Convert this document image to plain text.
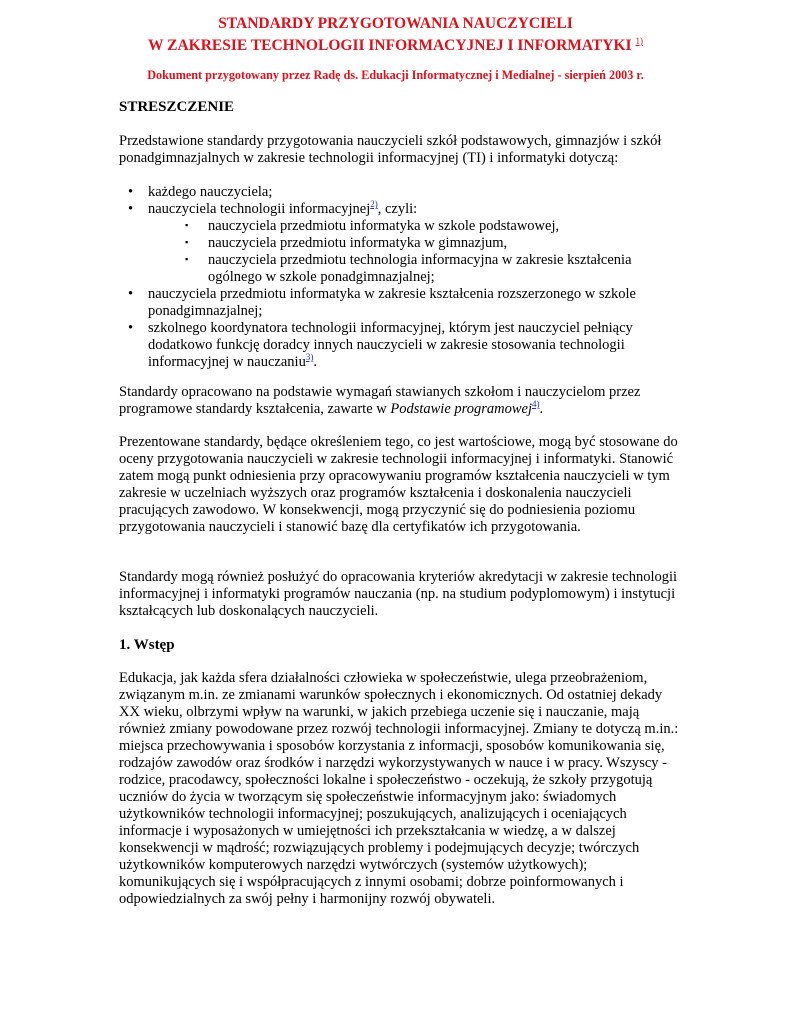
STANDARDY PRZYGOTOWANIA NAUCZYCIELI
W ZAKRESIE TECHNOLOGII INFORMACYJNEJ I INFORMATYKI $^{1)}$
Dokument przygotowany przez Radę ds. Edukacji Informatycznej i Medialnej - sierpień 2003 r.
STRESZCZENIE
Przedstawione standardy przygotowania nauczycieli szkół podstawowych, gimnazjów i szkół ponadgimnazjalnych w zakresie technologii informacyjnej (TI) i informatyki dotyczą:
• każdego nauczyciela;
• nauczyciela technologii informacyjnej$^{2)}$, czyli:
▪ nauczyciela przedmiotu informatyka w szkole podstawowej,
▪ nauczyciela przedmiotu informatyka w gimnazjum,
▪ nauczyciela przedmiotu technologia informacyjna w zakresie kształcenia ogólnego w szkole ponadgimnazjalnej;
• nauczyciela przedmiotu informatyka w zakresie kształcenia rozszerzonego w szkole ponadgimnazjalnej;
• szkolnego koordynatora technologii informacyjnej, którym jest nauczyciel pełniący dodatkowo funkcję doradcy innych nauczycieli w zakresie stosowania technologii informacyjnej w nauczaniu$^{3)}$.
Standardy opracowano na podstawie wymagań stawianych szkołom i nauczycielom przez programowe standardy kształcenia, zawarte w Podstawie programowej$^{4)}$.
Prezentowane standardy, będące określeniem tego, co jest wartościowe, mogą być stosowane do oceny przygotowania nauczycieli w zakresie technologii informacyjnej i informatyki. Stanowić zatem mogą punkt odniesienia przy opracowywaniu programów kształcenia nauczycieli w tym zakresie w uczelniach wyższych oraz programów kształcenia i doskonalenia nauczycieli pracujących zawodowo. W konsekwencji, mogą przyczynić się do podniesienia poziomu przygotowania nauczycieli i stanowić bazę dla certyfikatów ich przygotowania.
Standardy mogą również posłużyć do opracowania kryteriów akredytacji w zakresie technologii informacyjnej i informatyki programów nauczania (np. na studium podyplomowym) i instytucji kształcących lub doskonalących nauczycieli.
1. Wstęp
Edukacja, jak każda sfera działalności człowieka w społeczeństwie, ulega przeobrażeniom, związanym m.in. ze zmianami warunków społecznych i ekonomicznych. Od ostatniej dekady XX wieku, olbrzymi wpływ na warunki, w jakich przebiega uczenie się i nauczanie, mają również zmiany powodowane przez rozwój technologii informacyjnej. Zmiany te dotyczą m.in.: miejsca przechowywania i sposobów korzystania z informacji, sposobów komunikowania się, rodzajów zawodów oraz środków i narzędzi wykorzystywanych w nauce i w pracy. Wszyscy - rodzice, pracodawcy, społeczności lokalne i społeczeństwo - oczekują, że szkoły przygotują uczniów do życia w tworzącym się społeczeństwie informacyjnym jako: świadomych użytkowników technologii informacyjnej; poszukujących, analizujących i oceniających informacje i wyposażonych w umiejętności ich przekształcania w wiedzę, a w dalszej konsekwencji w mądrość; rozwiązujących problemy i podejmujących decyzje; twórczych użytkowników komputerowych narzędzi wytwórczych (systemów użytkowych); komunikujących się i współpracujących z innymi osobami; dobrze poinformowanych i odpowiedzialnych za swój pełny i harmonijny rozwój obywateli.
